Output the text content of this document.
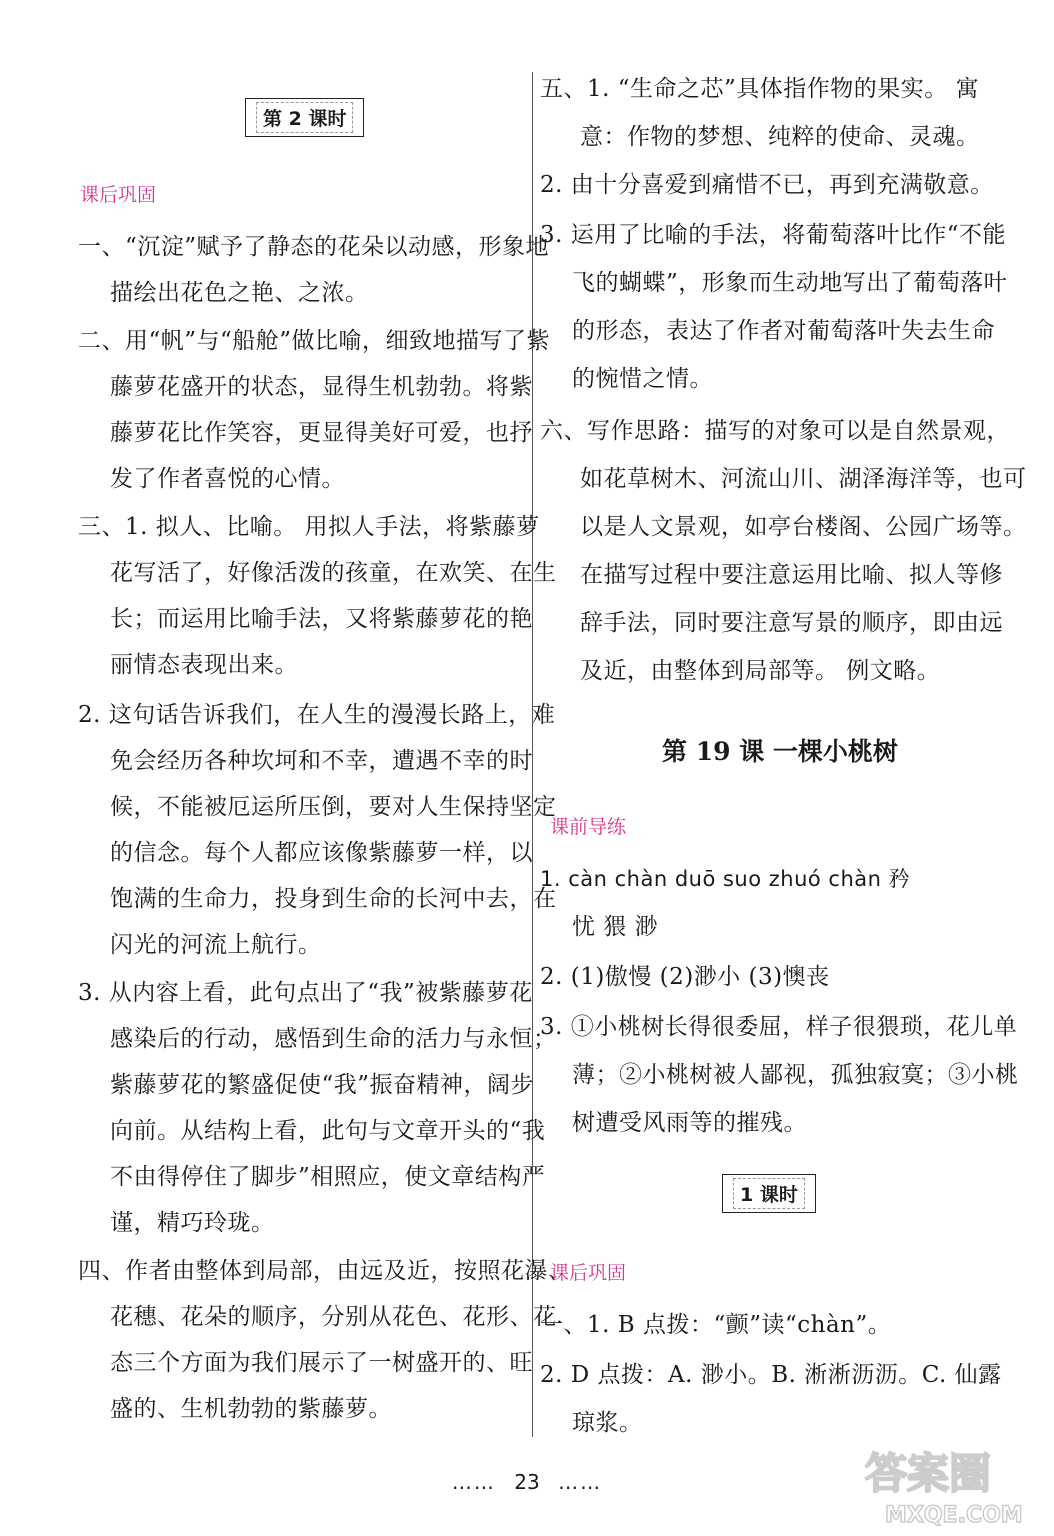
第 2 课时
课后巩固
一、“沉淀”赋予了静态的花朵以动感，形象地
描绘出花色之艳、之浓。
二、用“帆”与“船舱”做比喻，细致地描写了紫
藤萝花盛开的状态，显得生机勃勃。将紫
藤萝花比作笑容，更显得美好可爱，也抒
发了作者喜悦的心情。
三、1. 拟人、比喻。 用拟人手法，将紫藤萝
花写活了，好像活泼的孩童，在欢笑、在生
长；而运用比喻手法，又将紫藤萝花的艳
丽情态表现出来。
2. 这句话告诉我们，在人生的漫漫长路上，难
免会经历各种坎坷和不幸，遭遇不幸的时
候，不能被厄运所压倒，要对人生保持坚定
的信念。每个人都应该像紫藤萝一样，以
饱满的生命力，投身到生命的长河中去，在
闪光的河流上航行。
3. 从内容上看，此句点出了“我”被紫藤萝花
感染后的行动，感悟到生命的活力与永恒；
紫藤萝花的繁盛促使“我”振奋精神，阔步
向前。从结构上看，此句与文章开头的“我
不由得停住了脚步”相照应，使文章结构严
谨，精巧玲珑。
四、作者由整体到局部，由远及近，按照花瀑、
花穗、花朵的顺序，分别从花色、花形、花
态三个方面为我们展示了一树盛开的、旺
盛的、生机勃勃的紫藤萝。
五、1. “生命之芯”具体指作物的果实。 寓
意：作物的梦想、纯粹的使命、灵魂。
2. 由十分喜爱到痛惜不已，再到充满敬意。
3. 运用了比喻的手法，将葡萄落叶比作“不能
飞的蝴蝶”，形象而生动地写出了葡萄落叶
的形态，表达了作者对葡萄落叶失去生命
的惋惜之情。
六、写作思路：描写的对象可以是自然景观，
如花草树木、河流山川、湖泽海洋等，也可
以是人文景观，如亭台楼阁、公园广场等。
在描写过程中要注意运用比喻、拟人等修
辞手法，同时要注意写景的顺序，即由远
及近，由整体到局部等。 例文略。
第 19 课 一棵小桃树
课前导练
1. càn chàn duō suo zhuó chàn 矜
忧 猥 渺
2. (1)傲慢 (2)渺小 (3)懊丧
3. ①小桃树长得很委屈，样子很猥琐，花儿单
薄；②小桃树被人鄙视，孤独寂寞；③小桃
树遭受风雨等的摧残。
1 课时
课后巩固
一、1. B 点拨：“颤”读“chàn”。
2. D 点拨：A. 渺小。B. 淅淅沥沥。C. 仙露
琼浆。
…… 23 ……	答案圈
MXQE.COM
